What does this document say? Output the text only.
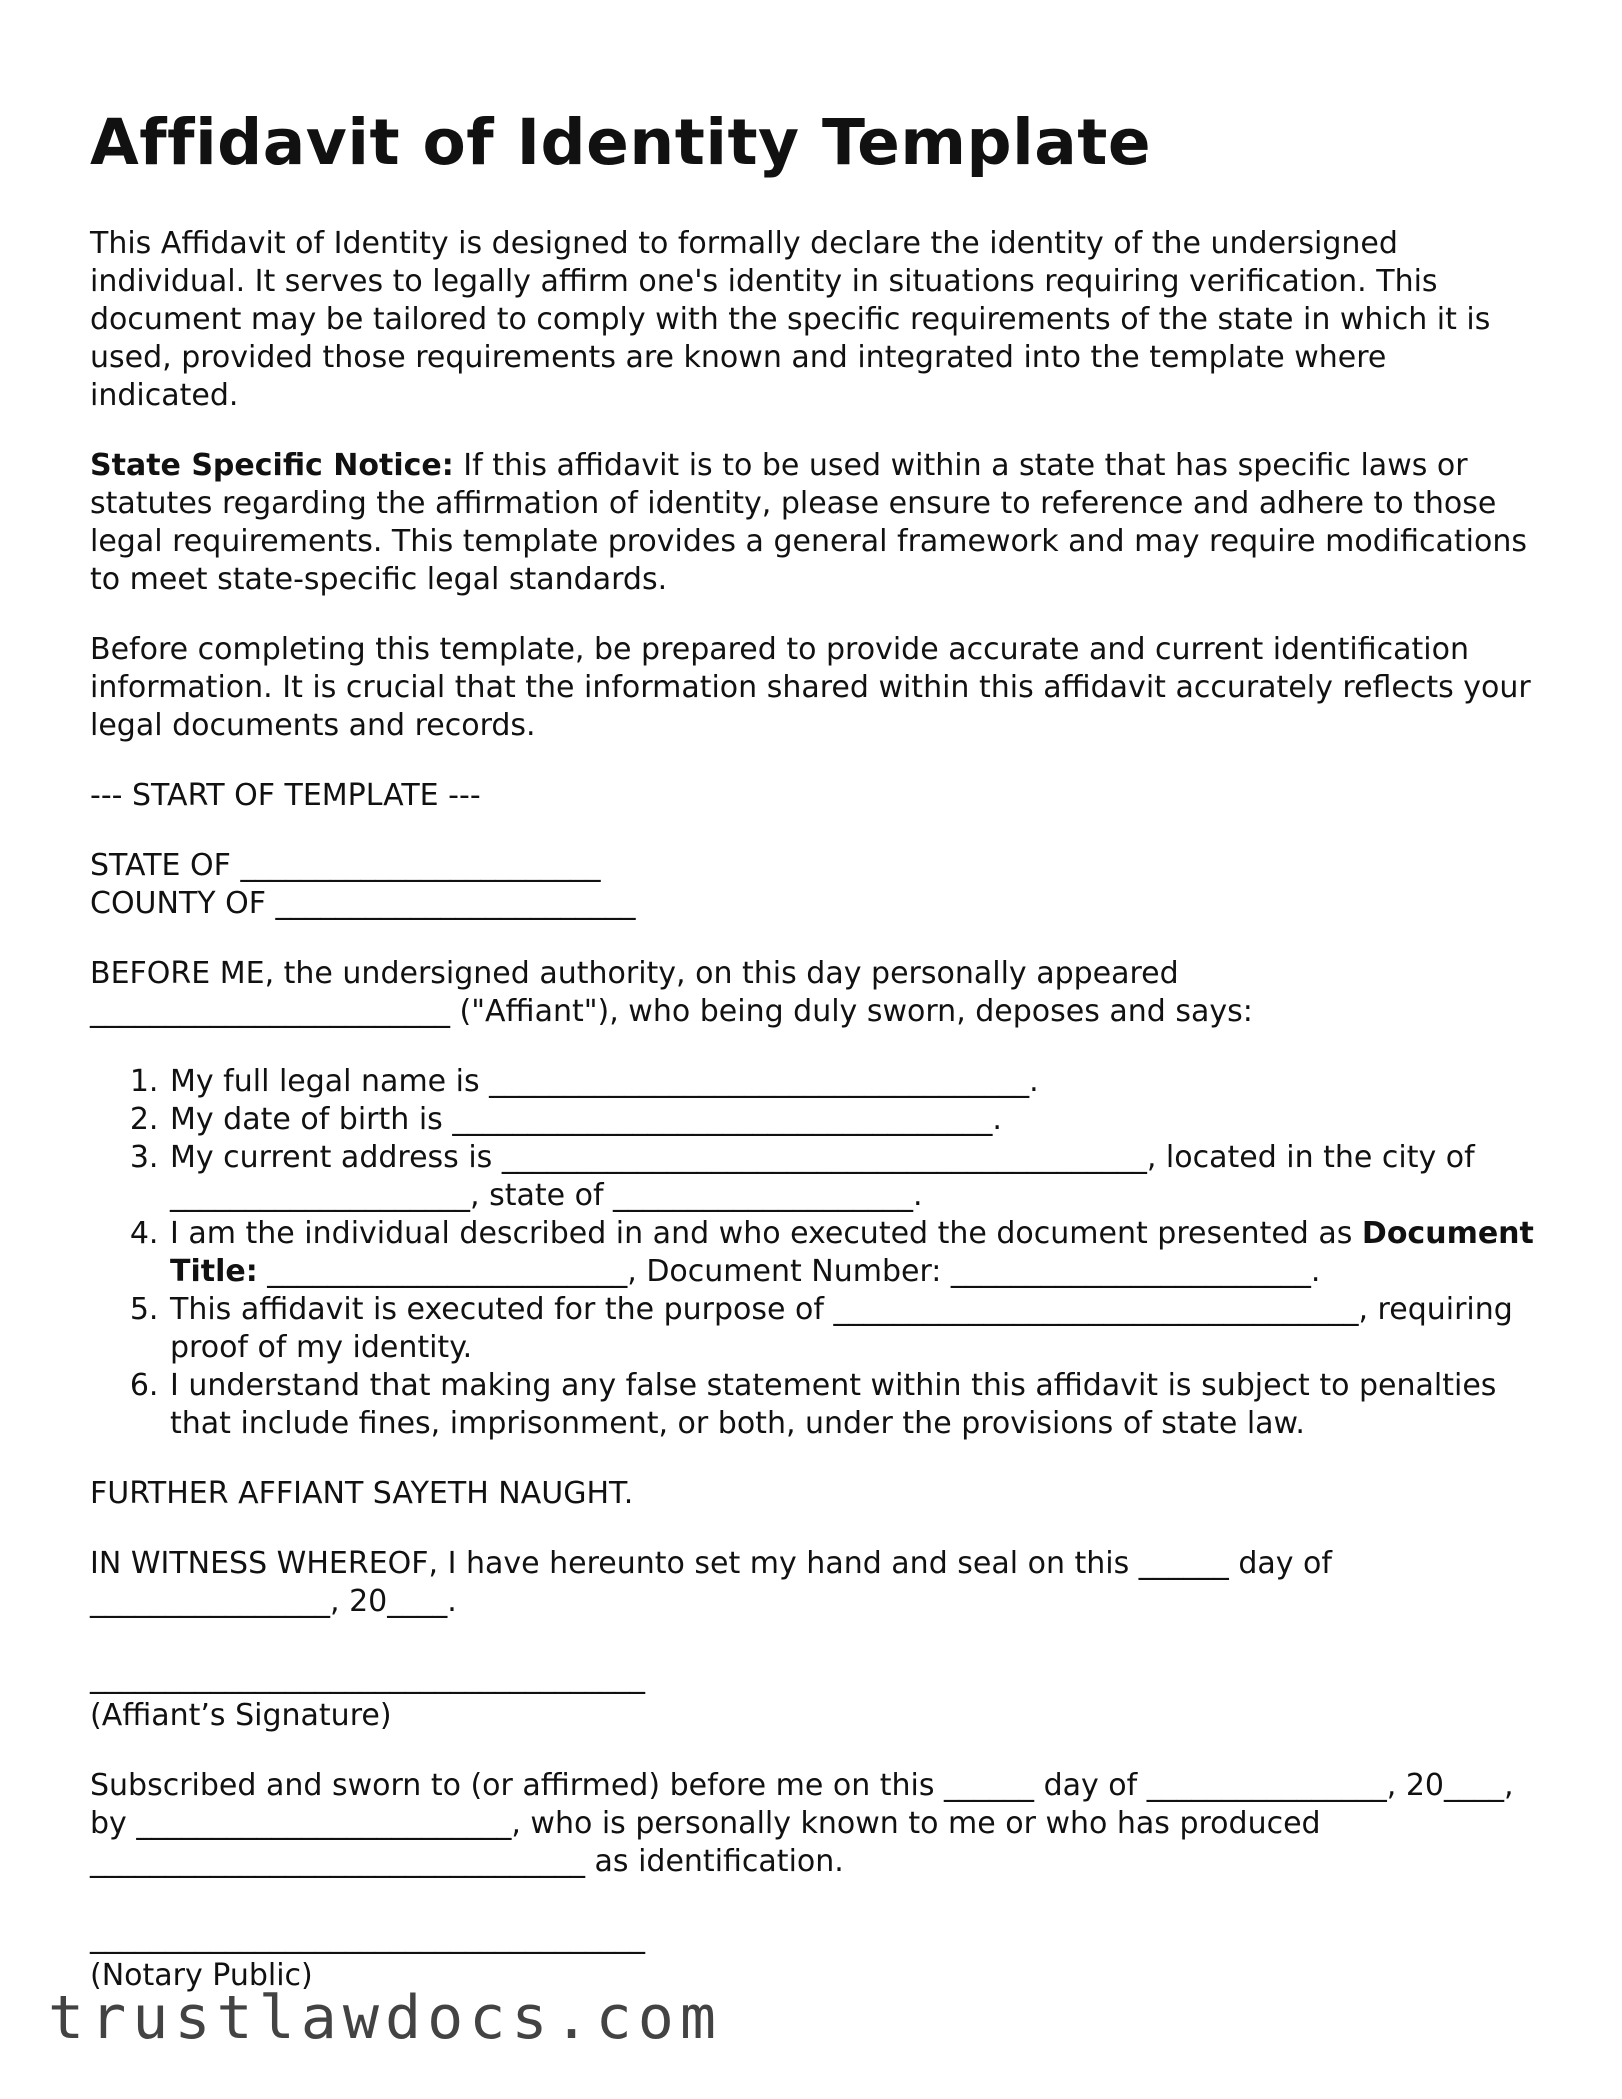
Affidavit of Identity Template

This Affidavit of Identity is designed to formally declare the identity of the undersigned individual. It serves to legally affirm one's identity in situations requiring verification. This document may be tailored to comply with the specific requirements of the state in which it is used, provided those requirements are known and integrated into the template where indicated.

State Specific Notice: If this affidavit is to be used within a state that has specific laws or statutes regarding the affirmation of identity, please ensure to reference and adhere to those legal requirements. This template provides a general framework and may require modifications to meet state-specific legal standards.

Before completing this template, be prepared to provide accurate and current identification information. It is crucial that the information shared within this affidavit accurately reflects your legal documents and records.

--- START OF TEMPLATE ---

STATE OF ________________________

COUNTY OF ________________________

BEFORE ME, the undersigned authority, on this day personally appeared

________________________ ("Affiant"), who being duly sworn, deposes and says:

1. My full legal name is ____________________________________.
2. My date of birth is ____________________________________.
3. My current address is ___________________________________________, located in the city of ____________________, state of ____________________.
4. I am the individual described in and who executed the document presented as Document Title: ________________________, Document Number: ________________________.
5. This affidavit is executed for the purpose of ___________________________________, requiring proof of my identity.
6. I understand that making any false statement within this affidavit is subject to penalties that include fines, imprisonment, or both, under the provisions of state law.

FURTHER AFFIANT SAYETH NAUGHT.

IN WITNESS WHEREOF, I have hereunto set my hand and seal on this ______ day of ________________, 20____.

_____________________________________

(Affiant’s Signature)

Subscribed and sworn to (or affirmed) before me on this ______ day of ________________, 20____, by _________________________, who is personally known to me or who has produced _________________________________ as identification.

_____________________________________

(Notary Public)

trustlawdocs.com
